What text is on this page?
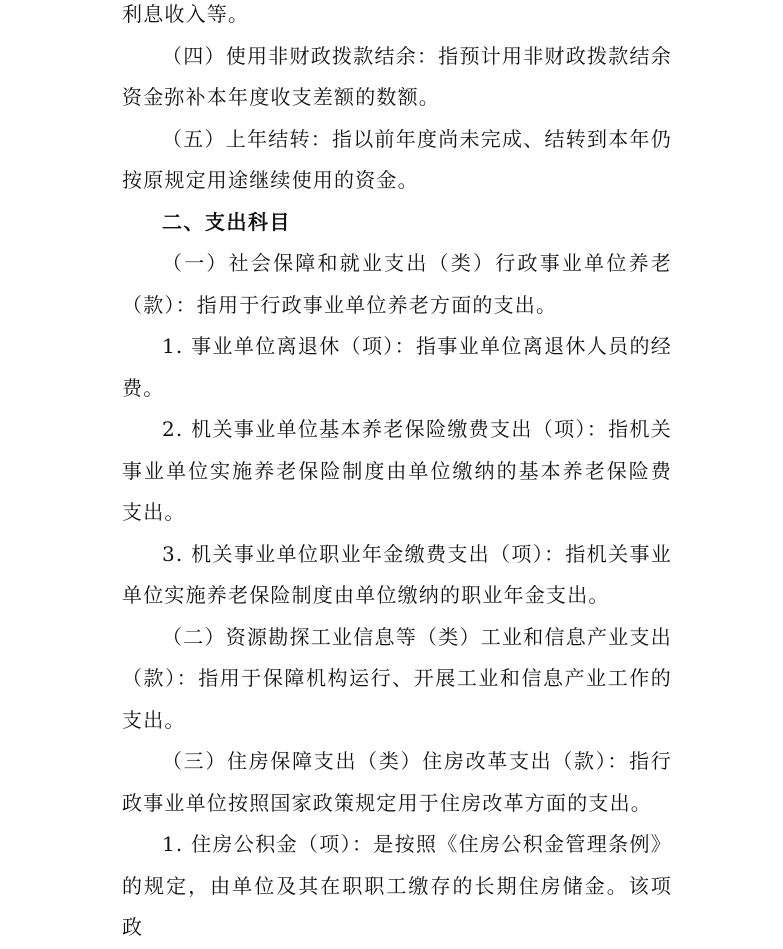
利息收入等。

（四）使用非财政拨款结余：指预计用非财政拨款结余资金弥补本年度收支差额的数额。

（五）上年结转：指以前年度尚未完成、结转到本年仍按原规定用途继续使用的资金。

二、支出科目

（一）社会保障和就业支出（类）行政事业单位养老（款）：指用于行政事业单位养老方面的支出。

1. 事业单位离退休（项）：指事业单位离退休人员的经费。

2. 机关事业单位基本养老保险缴费支出（项）：指机关事业单位实施养老保险制度由单位缴纳的基本养老保险费支出。

3. 机关事业单位职业年金缴费支出（项）：指机关事业单位实施养老保险制度由单位缴纳的职业年金支出。

（二）资源勘探工业信息等（类）工业和信息产业支出（款）：指用于保障机构运行、开展工业和信息产业工作的支出。

（三）住房保障支出（类）住房改革支出（款）：指行政事业单位按照国家政策规定用于住房改革方面的支出。

1. 住房公积金（项）：是按照《住房公积金管理条例》的规定，由单位及其在职职工缴存的长期住房储金。该项政
